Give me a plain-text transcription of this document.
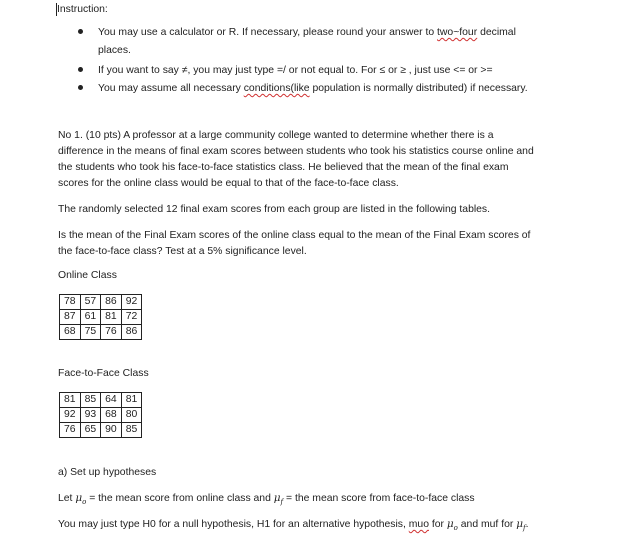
Instruction:
You may use a calculator or R. If necessary, please round your answer to two~four decimal
places.
If you want to say ≠, you may just type =/ or not equal to. For ≤ or ≥ , just use <= or >=
You may assume all necessary conditions(like population is normally distributed) if necessary.
No 1. (10 pts) A professor at a large community college wanted to determine whether there is a
difference in the means of final exam scores between students who took his statistics course online and
the students who took his face-to-face statistics class. He believed that the mean of the final exam
scores for the online class would be equal to that of the face-to-face class.
The randomly selected 12 final exam scores from each group are listed in the following tables.
Is the mean of the Final Exam scores of the online class equal to the mean of the Final Exam scores of
the face-to-face class? Test at a 5% significance level.
Online Class
78	57	86	92
87	61	81	72
68	75	76	86
Face-to-Face Class
81	85	64	81
92	93	68	80
76	65	90	85
a) Set up hypotheses
Let $\mu_o$ = the mean score from online class and $\mu_f$ = the mean score from face-to-face class
You may just type H0 for a null hypothesis, H1 for an alternative hypothesis, muo for $\mu_o$ and muf for $\mu_f$.
